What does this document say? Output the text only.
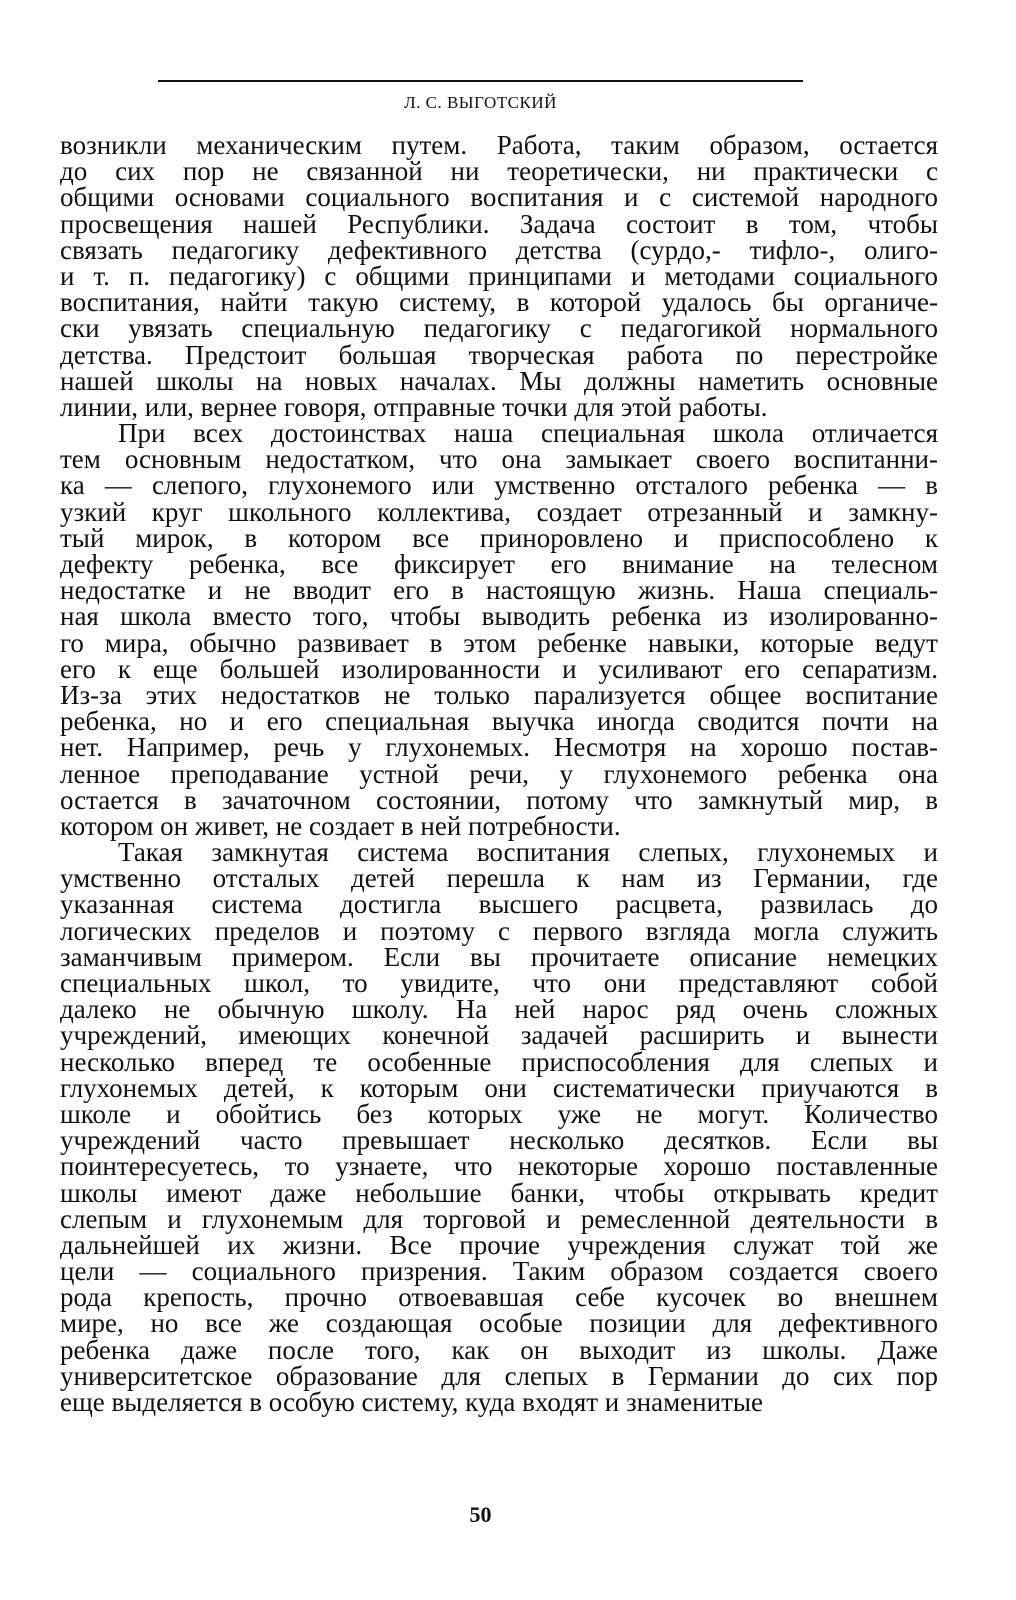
Л. С. ВЫГОТСКИЙ
возникли механическим путем. Работа, таким образом, остается
до сих пор не связанной ни теоретически, ни практически с
общими основами социального воспитания и с системой народного
просвещения нашей Республики. Задача состоит в том, чтобы
связать педагогику дефективного детства (сурдо,- тифло-, олиго-
и т. п. педагогику) с общими принципами и методами социального
воспитания, найти такую систему, в которой удалось бы органиче-
ски увязать специальную педагогику с педагогикой нормального
детства. Предстоит большая творческая работа по перестройке
нашей школы на новых началах. Мы должны наметить основные
линии, или, вернее говоря, отправные точки для этой работы.
При всех достоинствах наша специальная школа отличается
тем основным недостатком, что она замыкает своего воспитанни-
ка — слепого, глухонемого или умственно отсталого ребенка — в
узкий круг школьного коллектива, создает отрезанный и замкну-
тый мирок, в котором все приноровлено и приспособлено к
дефекту ребенка, все фиксирует его внимание на телесном
недостатке и не вводит его в настоящую жизнь. Наша специаль-
ная школа вместо того, чтобы выводить ребенка из изолированно-
го мира, обычно развивает в этом ребенке навыки, которые ведут
его к еще большей изолированности и усиливают его сепаратизм.
Из-за этих недостатков не только парализуется общее воспитание
ребенка, но и его специальная выучка иногда сводится почти на
нет. Например, речь у глухонемых. Несмотря на хорошо постав-
ленное преподавание устной речи, у глухонемого ребенка она
остается в зачаточном состоянии, потому что замкнутый мир, в
котором он живет, не создает в ней потребности.
Такая замкнутая система воспитания слепых, глухонемых и
умственно отсталых детей перешла к нам из Германии, где
указанная система достигла высшего расцвета, развилась до
логических пределов и поэтому с первого взгляда могла служить
заманчивым примером. Если вы прочитаете описание немецких
специальных школ, то увидите, что они представляют собой
далеко не обычную школу. На ней нарос ряд очень сложных
учреждений, имеющих конечной задачей расширить и вынести
несколько вперед те особенные приспособления для слепых и
глухонемых детей, к которым они систематически приучаются в
школе и обойтись без которых уже не могут. Количество
учреждений часто превышает несколько десятков. Если вы
поинтересуетесь, то узнаете, что некоторые хорошо поставленные
школы имеют даже небольшие банки, чтобы открывать кредит
слепым и глухонемым для торговой и ремесленной деятельности в
дальнейшей их жизни. Все прочие учреждения служат той же
цели — социального призрения. Таким образом создается своего
рода крепость, прочно отвоевавшая себе кусочек во внешнем
мире, но все же создающая особые позиции для дефективного
ребенка даже после того, как он выходит из школы. Даже
университетское образование для слепых в Германии до сих пор
еще выделяется в особую систему, куда входят и знаменитые
50
